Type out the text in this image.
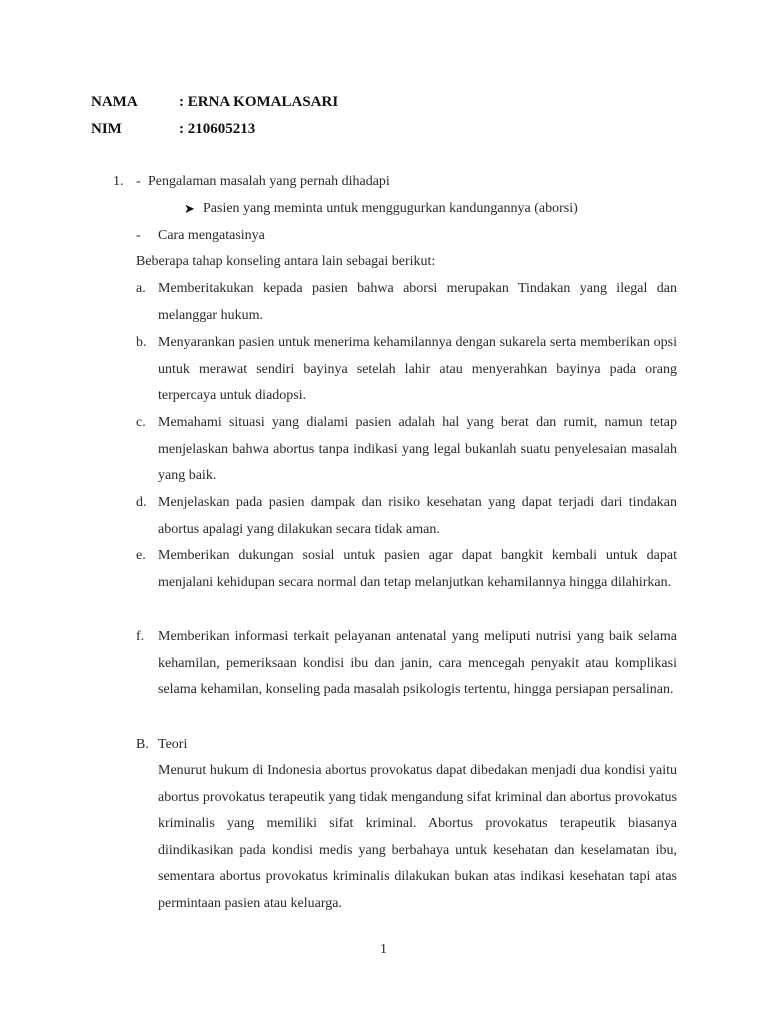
NAMA	: ERNA KOMALASARI
NIM	: 210605213
1. - Pengalaman masalah yang pernah dihadapi
➤ Pasien yang meminta untuk menggugurkan kandungannya (aborsi)
- Cara mengatasinya
Beberapa tahap konseling antara lain sebagai berikut:
a. Memberitakukan kepada pasien bahwa aborsi merupakan Tindakan yang ilegal dan melanggar hukum.
b. Menyarankan pasien untuk menerima kehamilannya dengan sukarela serta memberikan opsi untuk merawat sendiri bayinya setelah lahir atau menyerahkan bayinya pada orang terpercaya untuk diadopsi.
c. Memahami situasi yang dialami pasien adalah hal yang berat dan rumit, namun tetap menjelaskan bahwa abortus tanpa indikasi yang legal bukanlah suatu penyelesaian masalah yang baik.
d. Menjelaskan pada pasien dampak dan risiko kesehatan yang dapat terjadi dari tindakan abortus apalagi yang dilakukan secara tidak aman.
e. Memberikan dukungan sosial untuk pasien agar dapat bangkit kembali untuk dapat menjalani kehidupan secara normal dan tetap melanjutkan kehamilannya hingga dilahirkan.
f. Memberikan informasi terkait pelayanan antenatal yang meliputi nutrisi yang baik selama kehamilan, pemeriksaan kondisi ibu dan janin, cara mencegah penyakit atau komplikasi selama kehamilan, konseling pada masalah psikologis tertentu, hingga persiapan persalinan.
B. Teori
Menurut hukum di Indonesia abortus provokatus dapat dibedakan menjadi dua kondisi yaitu abortus provokatus terapeutik yang tidak mengandung sifat kriminal dan abortus provokatus kriminalis yang memiliki sifat kriminal. Abortus provokatus terapeutik biasanya diindikasikan pada kondisi medis yang berbahaya untuk kesehatan dan keselamatan ibu, sementara abortus provokatus kriminalis dilakukan bukan atas indikasi kesehatan tapi atas permintaan pasien atau keluarga.
1
